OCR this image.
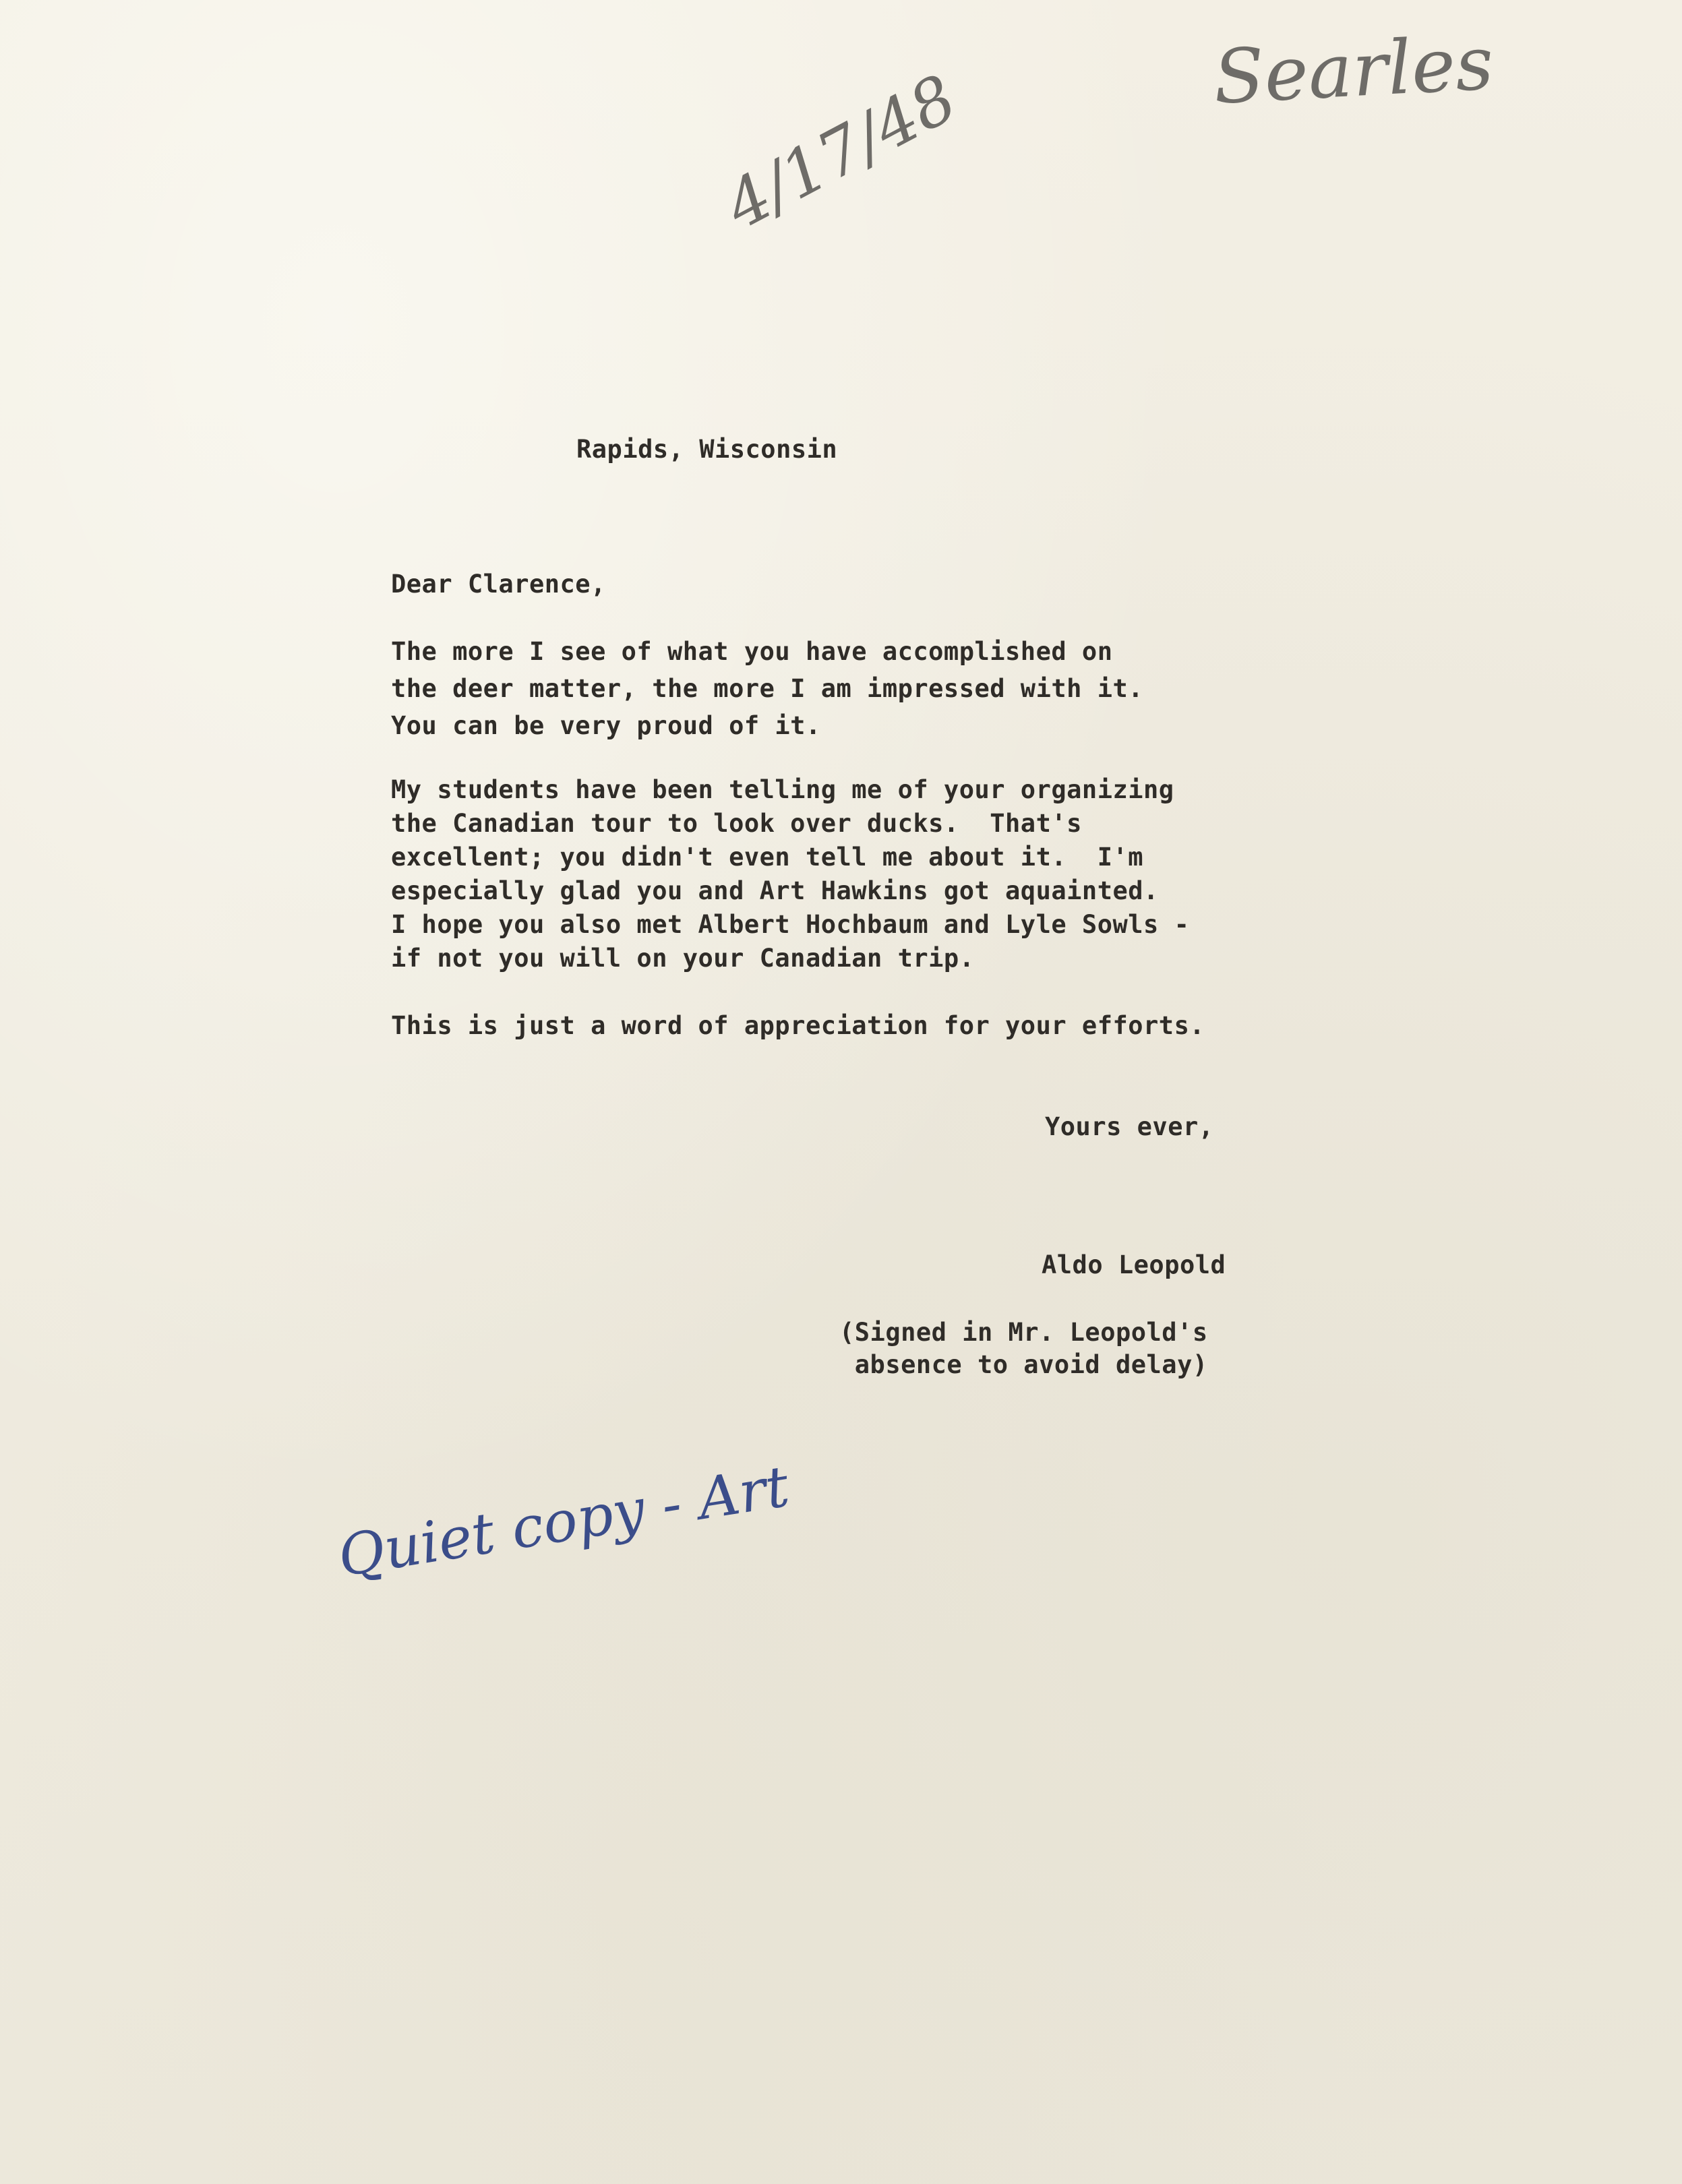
Searles
4/17/48
Rapids, Wisconsin
Dear Clarence,
The more I see of what you have accomplished on
the deer matter, the more I am impressed with it.
You can be very proud of it.
My students have been telling me of your organizing
the Canadian tour to look over ducks.  That's
excellent; you didn't even tell me about it.  I'm
especially glad you and Art Hawkins got aquainted.
I hope you also met Albert Hochbaum and Lyle Sowls -
if not you will on your Canadian trip.
This is just a word of appreciation for your efforts.
Yours ever,
Aldo Leopold
(Signed in Mr. Leopold's
absence to avoid delay)
Quiet copy - Art
